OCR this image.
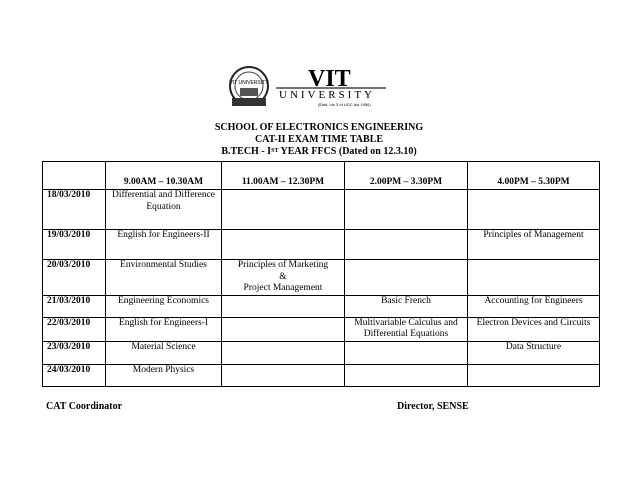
VIT UNIVERSITY VIT
UNIVERSITY
(Estd. u/s 3 of UGC Act 1956)
SCHOOL OF ELECTRONICS ENGINEERING
CAT-II EXAM TIME TABLE
B.TECH - IST YEAR FFCS (Dated on 12.3.10)
	9.00AM – 10.30AM	11.00AM – 12.30PM	2.00PM – 3.30PM	4.00PM – 5.30PM
18/03/2010	Differential and Difference Equation			
19/03/2010	English for Engineers-II			Principles of Management
20/03/2010	Environmental Studies	Principles of Marketing
&
Project Management		
21/03/2010	Engineering Economics		Basic French	Accounting for Engineers
22/03/2010	English for Engineers-I		Multivariable Calculus and Differential Equations	Electron Devices and Circuits
23/03/2010	Material Science			Data Structure
24/03/2010	Modern Physics			
CAT Coordinator	Director, SENSE
